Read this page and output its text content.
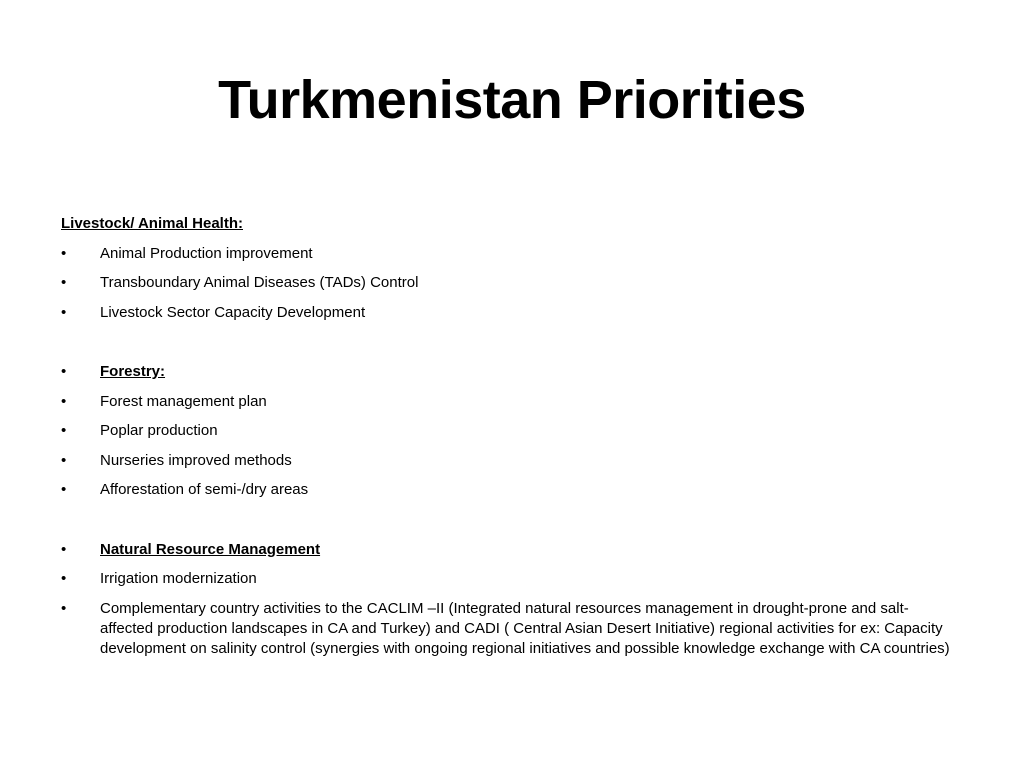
Turkmenistan Priorities
Livestock/ Animal Health:
•	Animal Production improvement
•	Transboundary Animal Diseases (TADs) Control
•	Livestock Sector Capacity Development
•	Forestry:
•	Forest management plan
•	Poplar production
•	Nurseries improved methods
•	Afforestation of semi-/dry areas
•	Natural Resource Management
•	Irrigation modernization
•	Complementary country activities to the CACLIM –II (Integrated natural resources management in drought-prone and salt-affected production landscapes in CA and Turkey) and CADI ( Central Asian Desert Initiative) regional activities for ex: Capacity development on salinity control (synergies with ongoing regional initiatives and possible knowledge exchange with CA countries)
